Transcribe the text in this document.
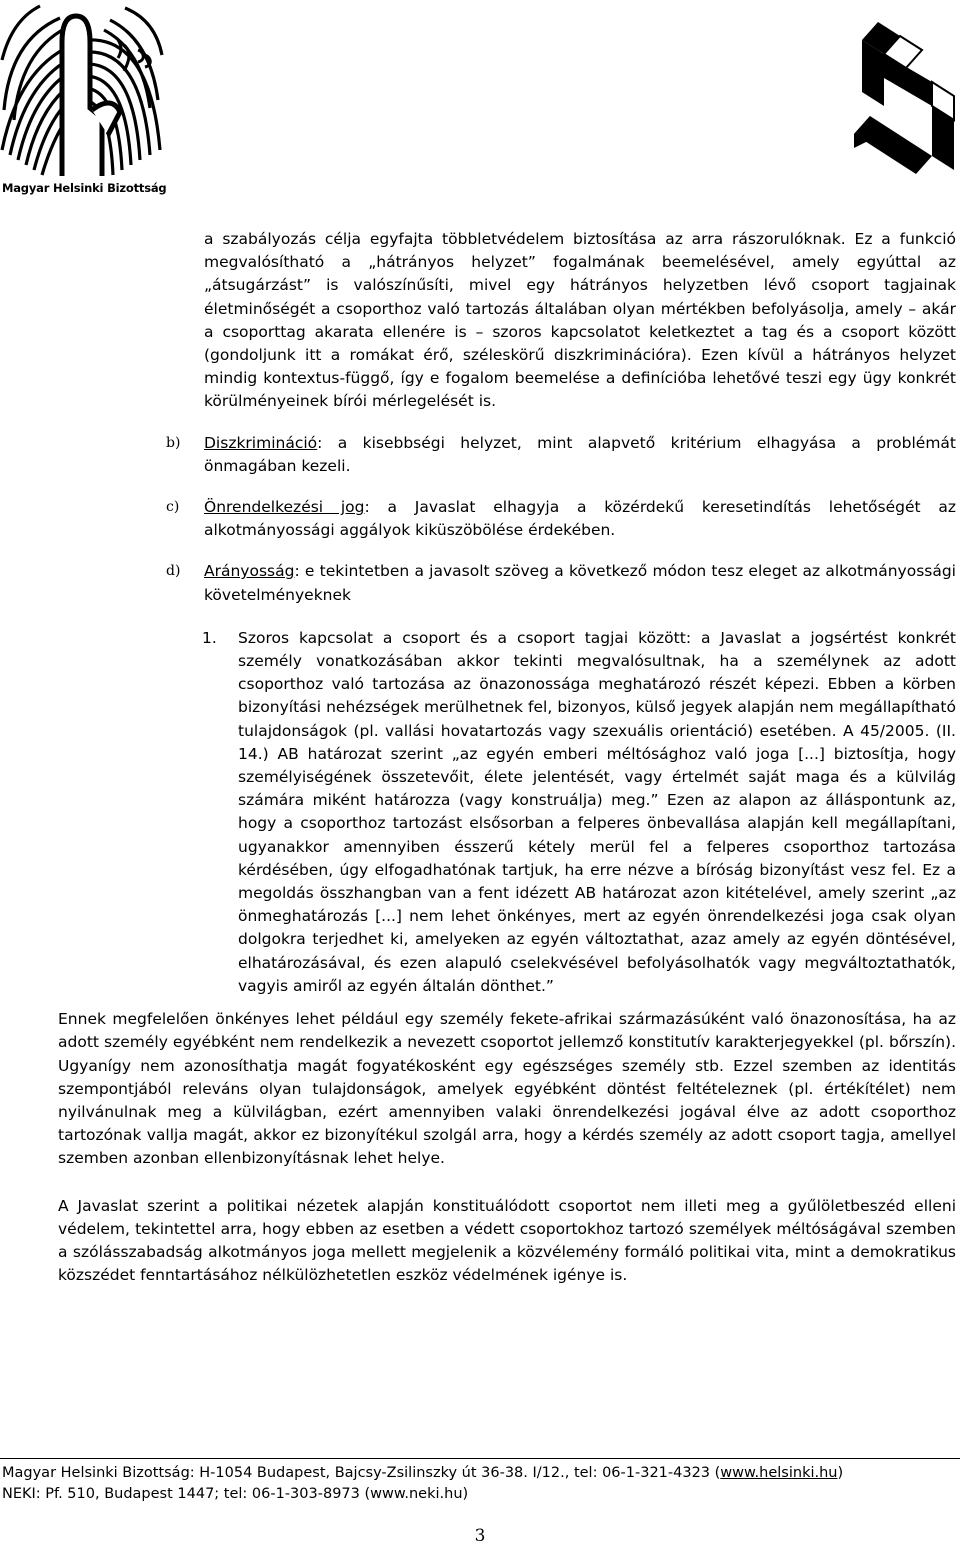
Magyar Helsinki Bizottság

a szabályozás célja egyfajta többletvédelem biztosítása az arra rászorulóknak. Ez a funkció megvalósítható a „hátrányos helyzet” fogalmának beemelésével, amely egyúttal az „átsugárzást” is valószínűsíti, mivel egy hátrányos helyzetben lévő csoport tagjainak életminőségét a csoporthoz való tartozás általában olyan mértékben befolyásolja, amely – akár a csoporttag akarata ellenére is – szoros kapcsolatot keletkeztet a tag és a csoport között (gondoljunk itt a romákat érő, széleskörű diszkriminációra). Ezen kívül a hátrányos helyzet mindig kontextus-függő, így e fogalom beemelése a definícióba lehetővé teszi egy ügy konkrét körülményeinek bírói mérlegelését is.

b) Diszkrimináció: a kisebbségi helyzet, mint alapvető kritérium elhagyása a problémát önmagában kezeli.

c) Önrendelkezési jog: a Javaslat elhagyja a közérdekű keresetindítás lehetőségét az alkotmányossági aggályok kiküszöbölése érdekében.

d) Arányosság: e tekintetben a javasolt szöveg a következő módon tesz eleget az alkotmányossági követelményeknek

1. Szoros kapcsolat a csoport és a csoport tagjai között: a Javaslat a jogsértést konkrét személy vonatkozásában akkor tekinti megvalósultnak, ha a személynek az adott csoporthoz való tartozása az önazonossága meghatározó részét képezi. Ebben a körben bizonyítási nehézségek merülhetnek fel, bizonyos, külső jegyek alapján nem megállapítható tulajdonságok (pl. vallási hovatartozás vagy szexuális orientáció) esetében. A 45/2005. (II. 14.) AB határozat szerint „az egyén emberi méltósághoz való joga [...] biztosítja, hogy személyiségének összetevőit, élete jelentését, vagy értelmét saját maga és a külvilág számára miként határozza (vagy konstruálja) meg.” Ezen az alapon az álláspontunk az, hogy a csoporthoz tartozást elsősorban a felperes önbevallása alapján kell megállapítani, ugyanakkor amennyiben ésszerű kétely merül fel a felperes csoporthoz tartozása kérdésében, úgy elfogadhatónak tartjuk, ha erre nézve a bíróság bizonyítást vesz fel. Ez a megoldás összhangban van a fent idézett AB határozat azon kitételével, amely szerint „az önmeghatározás [...] nem lehet önkényes, mert az egyén önrendelkezési joga csak olyan dolgokra terjedhet ki, amelyeken az egyén változtathat, azaz amely az egyén döntésével, elhatározásával, és ezen alapuló cselekvésével befolyásolhatók vagy megváltoztathatók, vagyis amiről az egyén általán dönthet.”

Ennek megfelelően önkényes lehet például egy személy fekete-afrikai származásúként való önazonosítása, ha az adott személy egyébként nem rendelkezik a nevezett csoportot jellemző konstitutív karakterjegyekkel (pl. bőrszín). Ugyanígy nem azonosíthatja magát fogyatékosként egy egészséges személy stb. Ezzel szemben az identitás szempontjából releváns olyan tulajdonságok, amelyek egyébként döntést feltételeznek (pl. értékítélet) nem nyilvánulnak meg a külvilágban, ezért amennyiben valaki önrendelkezési jogával élve az adott csoporthoz tartozónak vallja magát, akkor ez bizonyítékul szolgál arra, hogy a kérdés személy az adott csoport tagja, amellyel szemben azonban ellenbizonyításnak lehet helye.

A Javaslat szerint a politikai nézetek alapján konstituálódott csoportot nem illeti meg a gyűlöletbeszéd elleni védelem, tekintettel arra, hogy ebben az esetben a védett csoportokhoz tartozó személyek méltóságával szemben a szólásszabadság alkotmányos joga mellett megjelenik a közvélemény formáló politikai vita, mint a demokratikus közszédet fenntartásához nélkülözhetetlen eszköz védelmének igénye is.

Magyar Helsinki Bizottság: H-1054 Budapest, Bajcsy-Zsilinszky út 36-38. I/12., tel: 06-1-321-4323 (www.helsinki.hu)
NEKI: Pf. 510, Budapest 1447; tel: 06-1-303-8973 (www.neki.hu)
3
